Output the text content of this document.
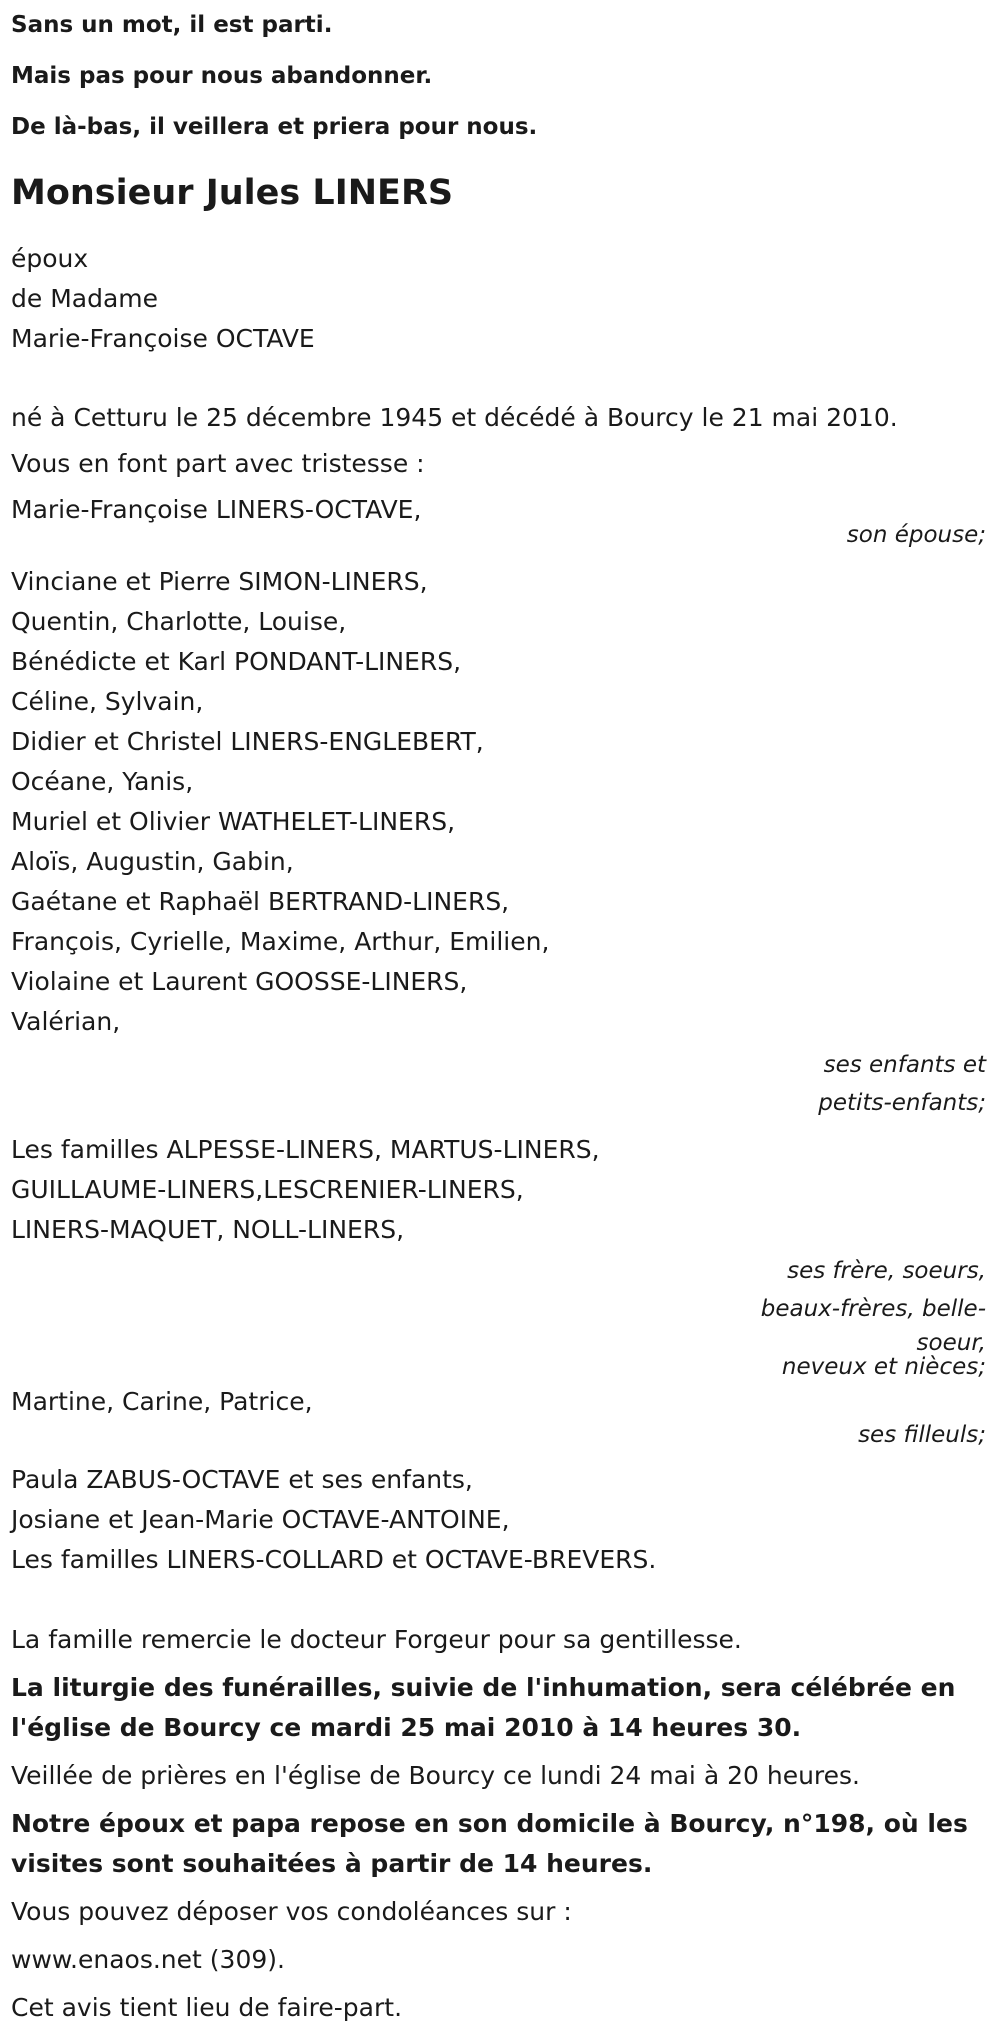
Sans un mot, il est parti.
Mais pas pour nous abandonner.
De là-bas, il veillera et priera pour nous.
Monsieur Jules LINERS
époux
de Madame
Marie-Françoise OCTAVE
né à Cetturu le 25 décembre 1945 et décédé à Bourcy le 21 mai 2010.
Vous en font part avec tristesse :
Marie-Françoise LINERS-OCTAVE,
son épouse;
Vinciane et Pierre SIMON-LINERS,
Quentin, Charlotte, Louise,
Bénédicte et Karl PONDANT-LINERS,
Céline, Sylvain,
Didier et Christel LINERS-ENGLEBERT,
Océane, Yanis,
Muriel et Olivier WATHELET-LINERS,
Aloïs, Augustin, Gabin,
Gaétane et Raphaël BERTRAND-LINERS,
François, Cyrielle, Maxime, Arthur, Emilien,
Violaine et Laurent GOOSSE-LINERS,
Valérian,
ses enfants et
petits-enfants;
Les familles ALPESSE-LINERS, MARTUS-LINERS,
GUILLAUME-LINERS,LESCRENIER-LINERS,
LINERS-MAQUET, NOLL-LINERS,
ses frère, soeurs,
beaux-frères, belle-
soeur,
neveux et nièces;
Martine, Carine, Patrice,
ses filleuls;
Paula ZABUS-OCTAVE et ses enfants,
Josiane et Jean-Marie OCTAVE-ANTOINE,
Les familles LINERS-COLLARD et OCTAVE-BREVERS.
La famille remercie le docteur Forgeur pour sa gentillesse.
La liturgie des funérailles, suivie de l'inhumation, sera célébrée en
l'église de Bourcy ce mardi 25 mai 2010 à 14 heures 30.
Veillée de prières en l'église de Bourcy ce lundi 24 mai à 20 heures.
Notre époux et papa repose en son domicile à Bourcy, n°198, où les
visites sont souhaitées à partir de 14 heures.
Vous pouvez déposer vos condoléances sur :
www.enaos.net (309).
Cet avis tient lieu de faire-part.
